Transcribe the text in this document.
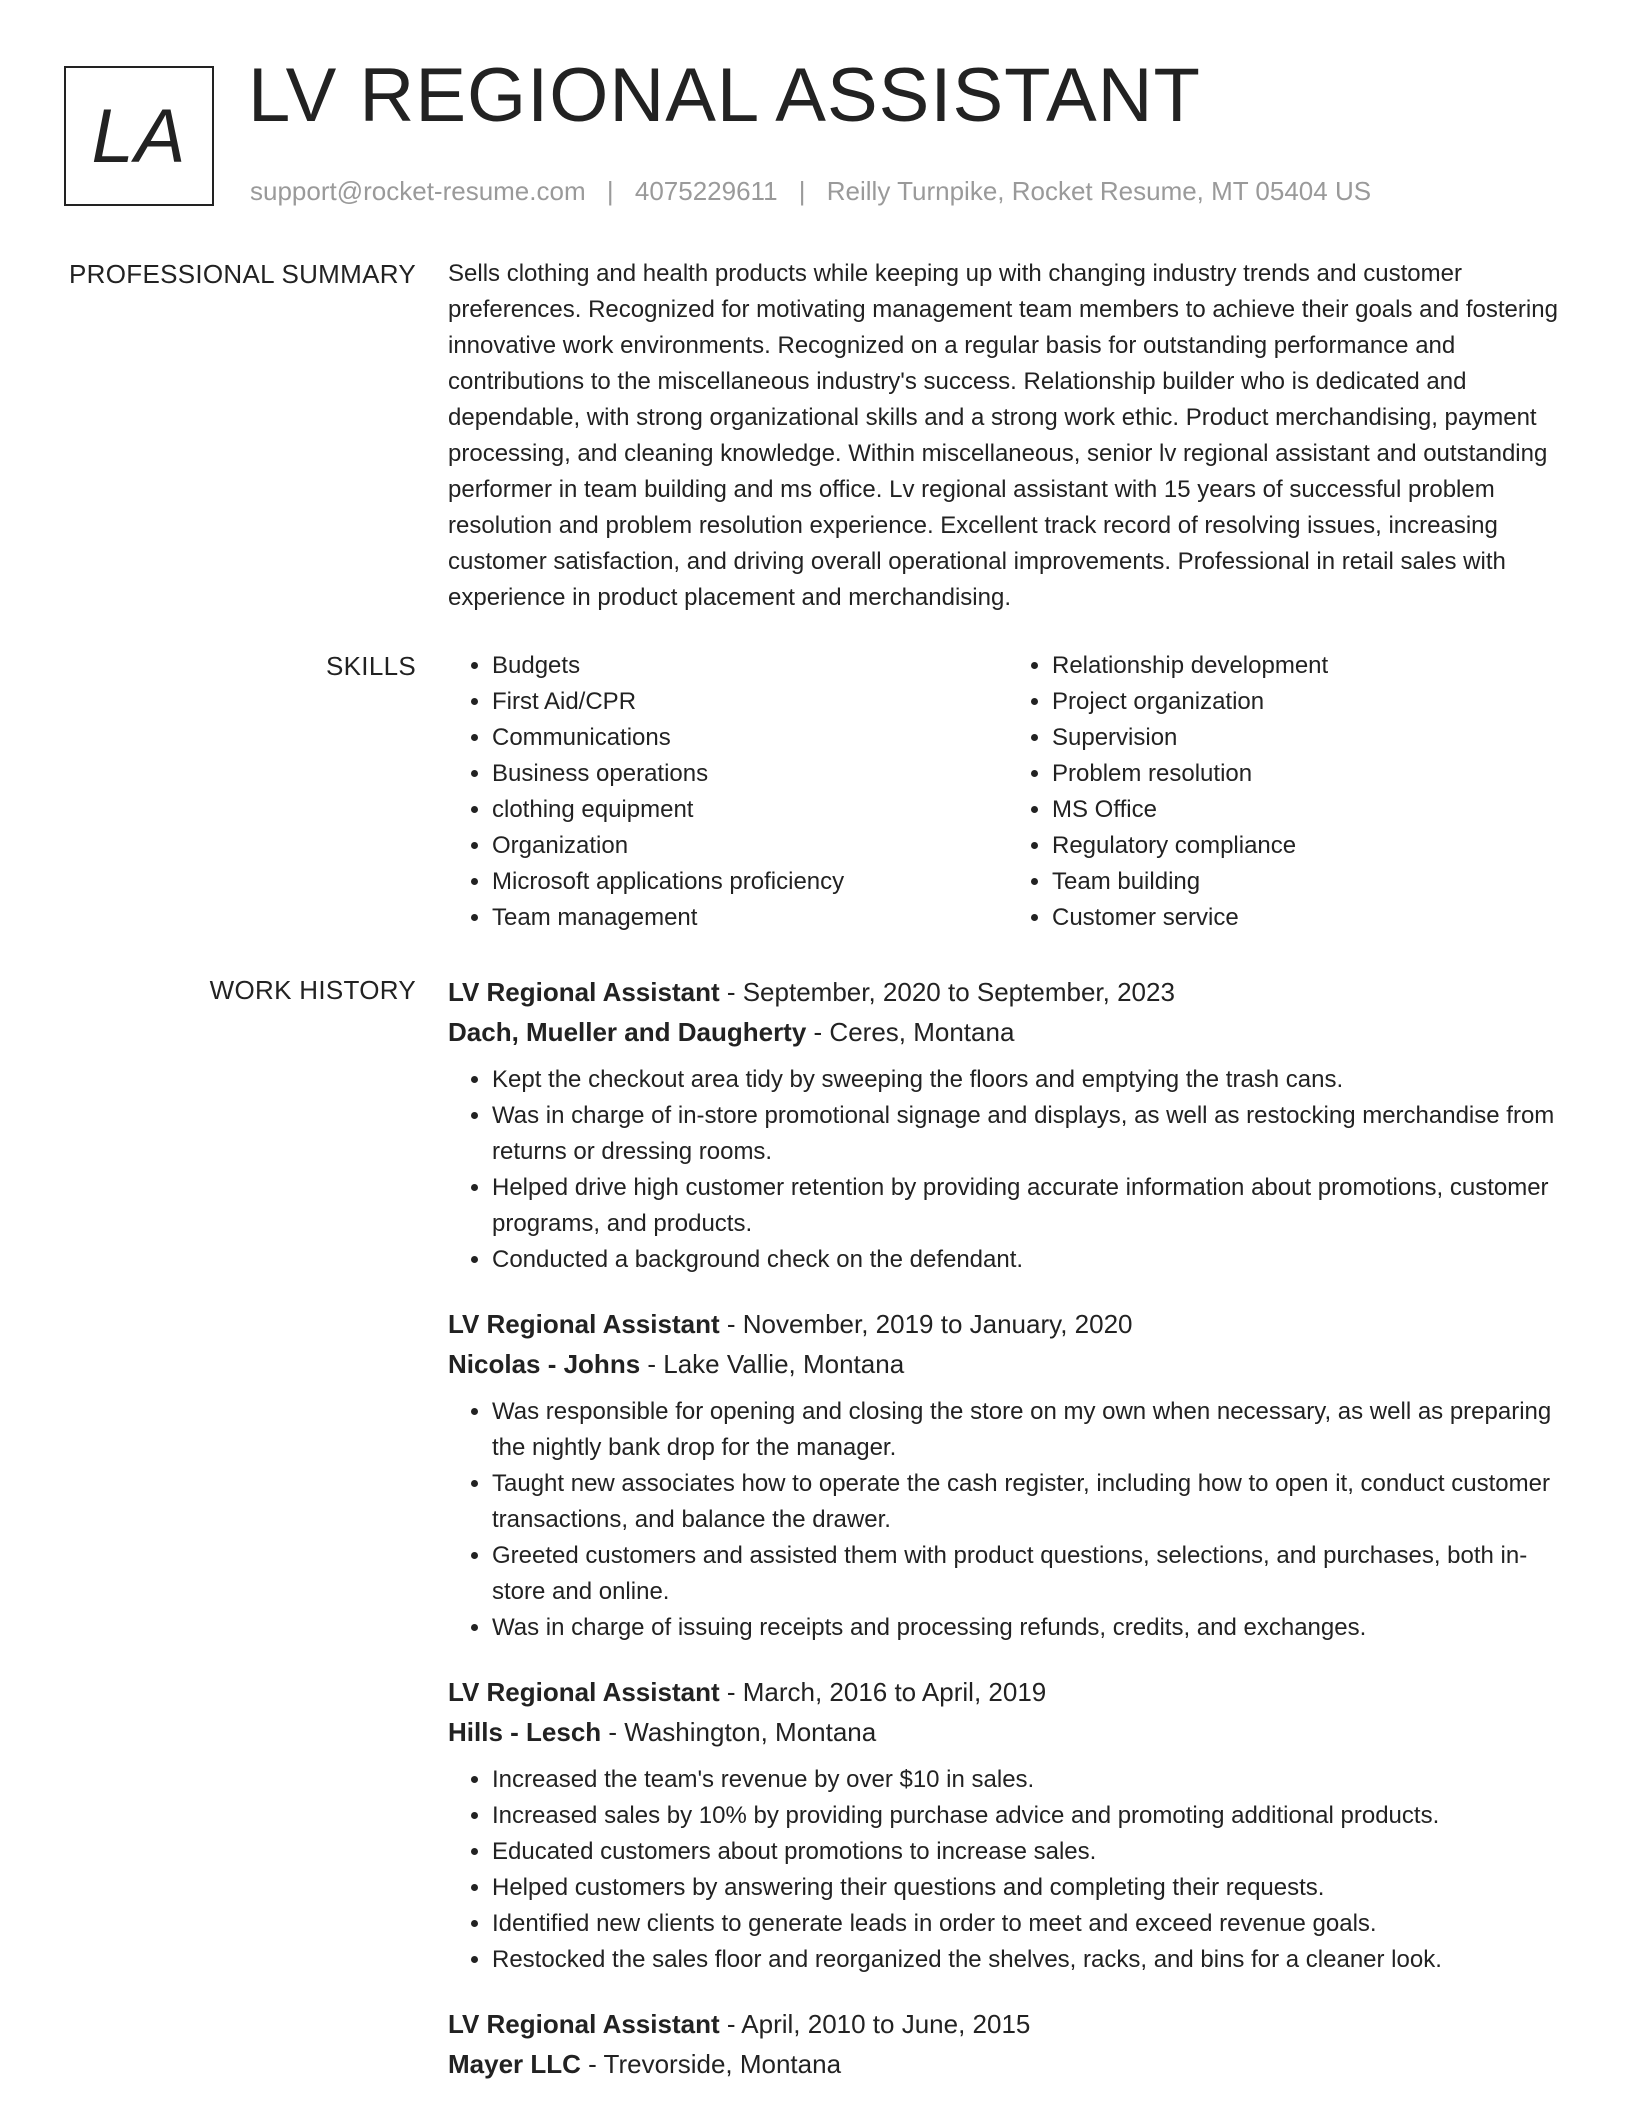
LA LV REGIONAL ASSISTANT
support@rocket-resume.com | 4075229611 | Reilly Turnpike, Rocket Resume, MT 05404 US
PROFESSIONAL SUMMARY Sells clothing and health products while keeping up with changing industry trends and customer preferences. Recognized for motivating management team members to achieve their goals and fostering innovative work environments. Recognized on a regular basis for outstanding performance and contributions to the miscellaneous industry's success. Relationship builder who is dedicated and dependable, with strong organizational skills and a strong work ethic. Product merchandising, payment processing, and cleaning knowledge. Within miscellaneous, senior lv regional assistant and outstanding performer in team building and ms office. Lv regional assistant with 15 years of successful problem resolution and problem resolution experience. Excellent track record of resolving issues, increasing customer satisfaction, and driving overall operational improvements. Professional in retail sales with experience in product placement and merchandising.

SKILLS
•	Budgets
• First Aid/CPR
• Communications
• Business operations
• clothing equipment
• Organization
• Microsoft applications proficiency
• Team management
• Relationship development
• Project organization
• Supervision
• Problem resolution
• MS Office
• Regulatory compliance
• Team building
• Customer service
WORK HISTORY LV Regional Assistant - September, 2020 to September, 2023
Dach, Mueller and Daugherty - Ceres, Montana
• Kept the checkout area tidy by sweeping the floors and emptying the trash cans.
• Was in charge of in-store promotional signage and displays, as well as restocking merchandise from returns or dressing rooms.
• Helped drive high customer retention by providing accurate information about promotions, customer programs, and products.
• Conducted a background check on the defendant.
LV Regional Assistant - November, 2019 to January, 2020
Nicolas - Johns - Lake Vallie, Montana
• Was responsible for opening and closing the store on my own when necessary, as well as preparing the nightly bank drop for the manager.
• Taught new associates how to operate the cash register, including how to open it, conduct customer transactions, and balance the drawer.
• Greeted customers and assisted them with product questions, selections, and purchases, both in-store and online.
• Was in charge of issuing receipts and processing refunds, credits, and exchanges.
LV Regional Assistant - March, 2016 to April, 2019
Hills - Lesch - Washington, Montana
• Increased the team's revenue by over $10 in sales.
• Increased sales by 10% by providing purchase advice and promoting additional products.
• Educated customers about promotions to increase sales.
• Helped customers by answering their questions and completing their requests.
• Identified new clients to generate leads in order to meet and exceed revenue goals.
• Restocked the sales floor and reorganized the shelves, racks, and bins for a cleaner look.
LV Regional Assistant - April, 2010 to June, 2015
Mayer LLC - Trevorside, Montana
